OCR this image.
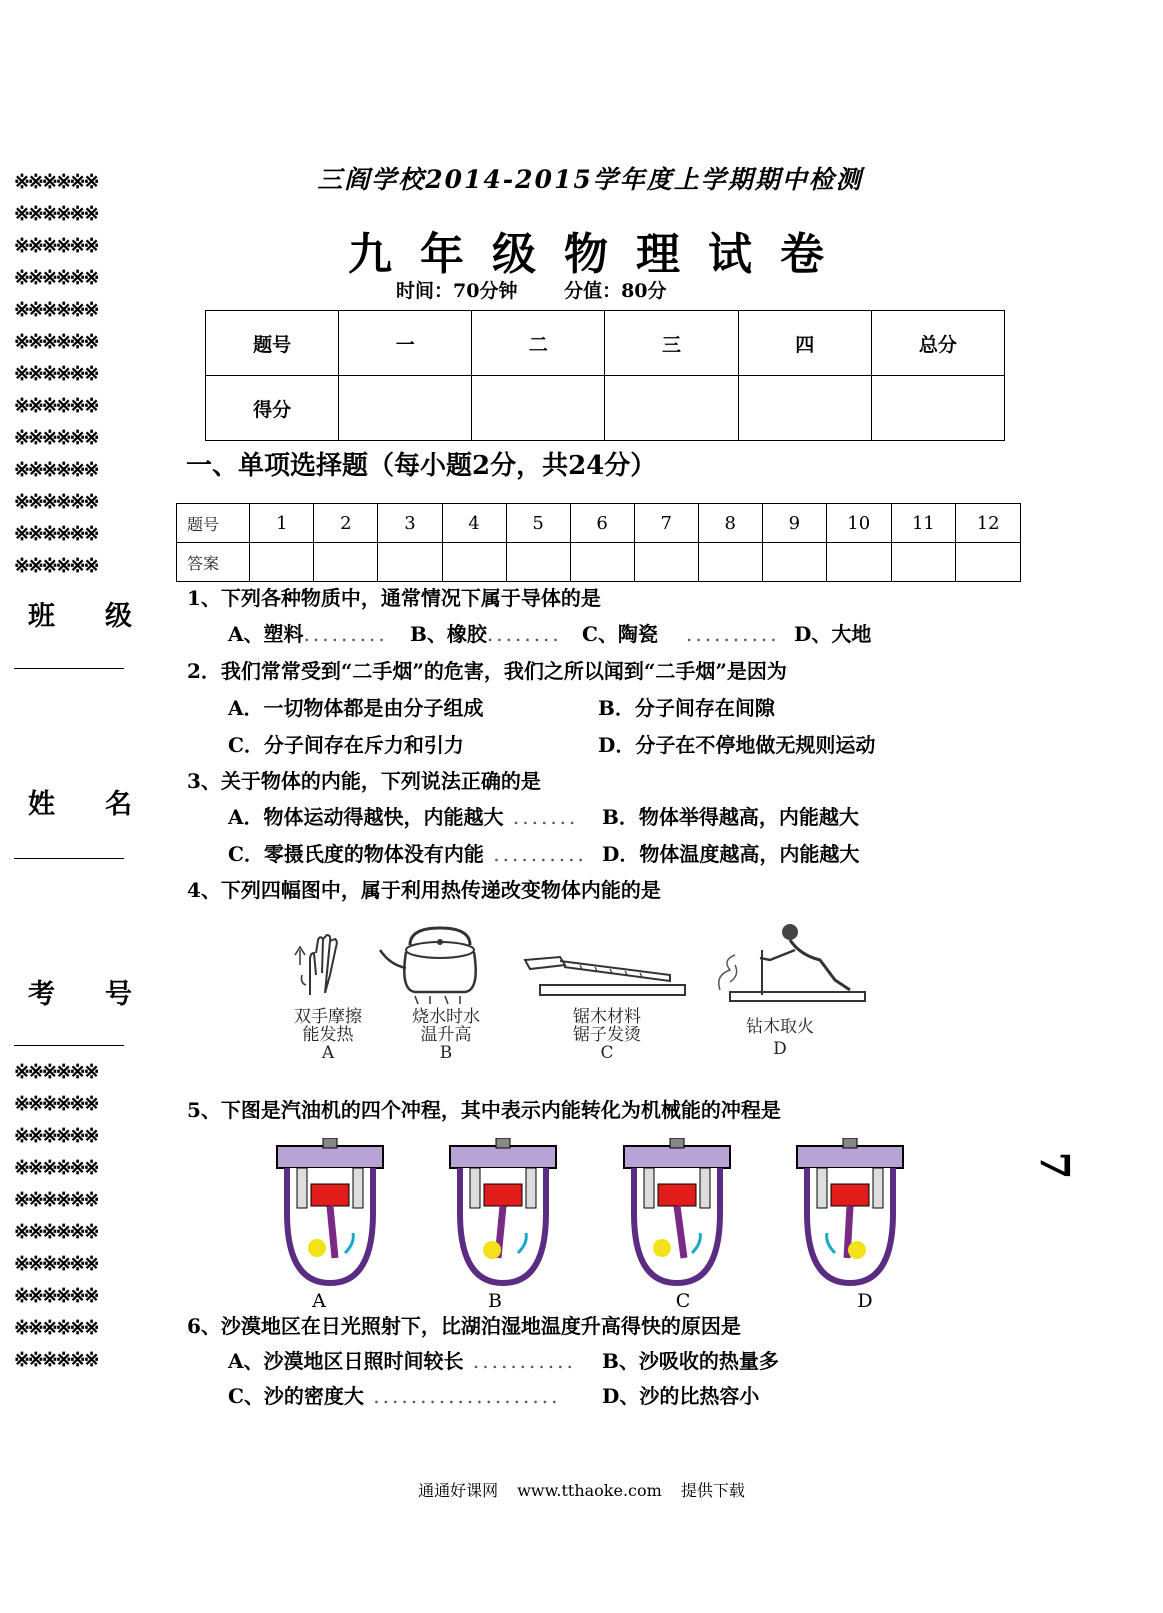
※※※※※※
※※※※※※
※※※※※※
※※※※※※
※※※※※※
※※※※※※
※※※※※※
※※※※※※
※※※※※※
※※※※※※
※※※※※※
※※※※※※
※※※※※※
班 级
姓 名
考 号
※※※※※※
※※※※※※
※※※※※※
※※※※※※
※※※※※※
※※※※※※
※※※※※※
※※※※※※
※※※※※※
※※※※※※
三阎学校2014-2015学年度上学期期中检测
九年级物理试卷
时间：70分钟 分值：80分
题号	一	二	三	四	总分
得分					
一、单项选择题（每小题2分，共24分）
题号	1	2	3	4	5	6	7	8	9	10	11	12
答案												
1、下列各种物质中，通常情况下属于导体的是
A、塑料......... B、橡胶........ C、陶瓷   .......... D、大地
2．我们常常受到“二手烟”的危害，我们之所以闻到“二手烟”是因为
A．一切物体都是由分子组成	B．分子间存在间隙
C．分子间存在斥力和引力	D．分子在不停地做无规则运动
3、关于物体的内能，下列说法正确的是
A．物体运动得越快，内能越大 ....... B．物体举得越高，内能越大
C．零摄氏度的物体没有内能 .......... D．物体温度越高，内能越大
4、下列四幅图中，属于利用热传递改变物体内能的是
双手摩擦
能发热
A
烧水时水
温升高
B
锯木材料
锯子发烫
C
钻木取火
D
5、下图是汽油机的四个冲程，其中表示内能转化为机械能的冲程是
A	B	C	D
7
6、沙漠地区在日光照射下，比湖泊湿地温度升高得快的原因是
A、沙漠地区日照时间较长 ........... B、沙吸收的热量多
C、沙的密度大 .................... D、沙的比热容小
通通好课网 www.tthaoke.com 提供下载
